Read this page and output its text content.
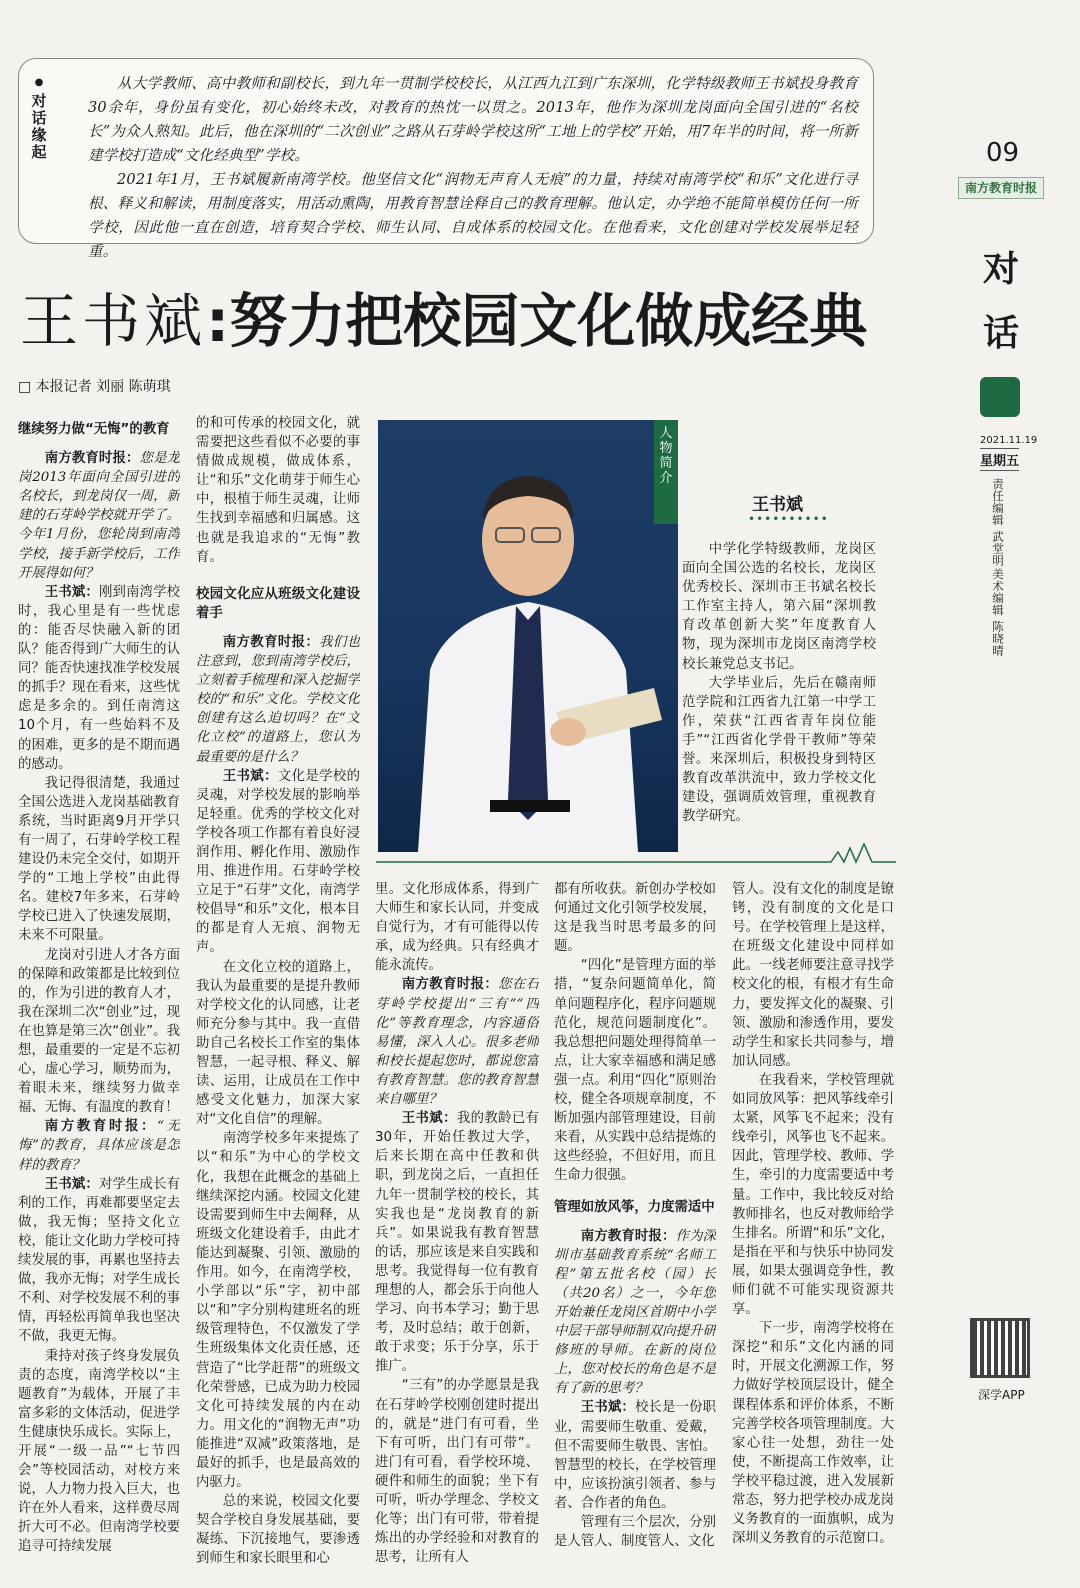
●
对话缘起

从大学教师、高中教师和副校长，到九年一贯制学校校长，从江西九江到广东深圳，化学特级教师王书斌投身教育30余年，身份虽有变化，初心始终未改，对教育的热忱一以贯之。2013年，他作为深圳龙岗面向全国引进的“名校长”为众人熟知。此后，他在深圳的“二次创业”之路从石芽岭学校这所“工地上的学校”开始，用7年半的时间，将一所新建学校打造成“文化经典型”学校。

2021年1月，王书斌履新南湾学校。他坚信文化“润物无声育人无痕”的力量，持续对南湾学校“和乐”文化进行寻根、释义和解读，用制度落实，用活动熏陶，用教育智慧诠释自己的教育理解。他认定，办学绝不能简单模仿任何一所学校，因此他一直在创造，培育契合学校、师生认同、自成体系的校园文化。在他看来，文化创建对学校发展举足轻重。

09
南方教育时报
对话
2021.11.19
星期五
责任编辑 武堂明
美术编辑 陈晓晴
深学APP
王书斌:努力把校园文化做成经典
□ 本报记者 刘丽 陈萌琪
人物简介
王书斌
••••••••••

中学化学特级教师，龙岗区面向全国公选的名校长，龙岗区优秀校长、深圳市王书斌名校长工作室主持人，第六届“深圳教育改革创新大奖”年度教育人物，现为深圳市龙岗区南湾学校校长兼党总支书记。

大学毕业后，先后在赣南师范学院和江西省九江第一中学工作，荣获“江西省青年岗位能手”“江西省化学骨干教师”等荣誉。来深圳后，积极投身到特区教育改革洪流中，致力学校文化建设，强调质效管理，重视教育教学研究。

继续努力做“无悔”的教育

南方教育时报：您是龙岗2013年面向全国引进的名校长，到龙岗仅一周，新建的石芽岭学校就开学了。今年1月份，您轮岗到南湾学校，接手新学校后，工作开展得如何？

王书斌：刚到南湾学校时，我心里是有一些忧虑的：能否尽快融入新的团队？能否得到广大师生的认同？能否快速找准学校发展的抓手？现在看来，这些忧虑是多余的。到任南湾这10个月，有一些始料不及的困难，更多的是不期而遇的感动。

我记得很清楚，我通过全国公选进入龙岗基础教育系统，当时距离9月开学只有一周了，石芽岭学校工程建设仍未完全交付，如期开学的“工地上学校”由此得名。建校7年多来，石芽岭学校已进入了快速发展期，未来不可限量。

龙岗对引进人才各方面的保障和政策都是比较到位的，作为引进的教育人才，我在深圳二次“创业”过，现在也算是第三次“创业”。我想，最重要的一定是不忘初心，虚心学习，顺势而为，着眼未来，继续努力做幸福、无悔、有温度的教育！

南方教育时报：“无悔”的教育，具体应该是怎样的教育？

王书斌：对学生成长有利的工作，再难都要坚定去做，我无悔；坚持文化立校，能让文化助力学校可持续发展的事，再累也坚持去做，我亦无悔；对学生成长不利、对学校发展不利的事情，再轻松再简单我也坚决不做，我更无悔。

秉持对孩子终身发展负责的态度，南湾学校以“主题教育”为载体，开展了丰富多彩的文体活动，促进学生健康快乐成长。实际上，开展“一级一品”“七节四会”等校园活动，对校方来说，人力物力投入巨大，也许在外人看来，这样费尽周折大可不必。但南湾学校要追寻可持续发展

的和可传承的校园文化，就需要把这些看似不必要的事情做成规模，做成体系，让“和乐”文化萌芽于师生心中，根植于师生灵魂，让师生找到幸福感和归属感。这也就是我追求的“无悔”教育。

校园文化应从班级文化建设着手

南方教育时报：我们也注意到，您到南湾学校后，立刻着手梳理和深入挖掘学校的“和乐”文化。学校文化创建有这么迫切吗？在“文化立校”的道路上，您认为最重要的是什么？

王书斌：文化是学校的灵魂，对学校发展的影响举足轻重。优秀的学校文化对学校各项工作都有着良好浸润作用、孵化作用、激励作用、推进作用。石芽岭学校立足于“石芽”文化，南湾学校倡导“和乐”文化，根本目的都是育人无痕、润物无声。

在文化立校的道路上，我认为最重要的是提升教师对学校文化的认同感，让老师充分参与其中。我一直借助自己名校长工作室的集体智慧，一起寻根、释义、解读、运用，让成员在工作中感受文化魅力，加深大家对“文化自信”的理解。

南湾学校多年来提炼了以“和乐”为中心的学校文化，我想在此概念的基础上继续深挖内涵。校园文化建设需要到师生中去阐释，从班级文化建设着手，由此才能达到凝聚、引领、激励的作用。如今，在南湾学校，小学部以“乐”字，初中部以“和”字分别构建班名的班级管理特色，不仅激发了学生班级集体文化责任感，还营造了“比学赶帮”的班级文化荣誉感，已成为助力校园文化可持续发展的内在动力。用文化的“润物无声”功能推进“双减”政策落地，是最好的抓手，也是最高效的内驱力。

总的来说，校园文化要契合学校自身发展基础，要凝练、下沉接地气，要渗透到师生和家长眼里和心

里。文化形成体系，得到广大师生和家长认同，并变成自觉行为，才有可能得以传承，成为经典。只有经典才能永流传。

南方教育时报：您在石芽岭学校提出“三有”“四化”等教育理念，内容通俗易懂，深入人心。很多老师和校长提起您时，都说您富有教育智慧。您的教育智慧来自哪里？

王书斌：我的教龄已有30年，开始任教过大学，后来长期在高中任教和供职，到龙岗之后，一直担任九年一贯制学校的校长，其实我也是“龙岗教育的新兵”。如果说我有教育智慧的话，那应该是来自实践和思考。我觉得每一位有教育理想的人，都会乐于向他人学习、向书本学习；勤于思考，及时总结；敢于创新，敢于求变；乐于分享，乐于推广。

“三有”的办学愿景是我在石芽岭学校刚创建时提出的，就是“进门有可看，坐下有可听，出门有可带”。进门有可看，看学校环境、硬件和师生的面貌；坐下有可听，听办学理念、学校文化等；出门有可带，带着提炼出的办学经验和对教育的思考，让所有人

都有所收获。新创办学校如何通过文化引领学校发展，这是我当时思考最多的问题。

“四化”是管理方面的举措，“复杂问题简单化，简单问题程序化，程序问题规范化，规范问题制度化”。我总想把问题处理得简单一点，让大家幸福感和满足感强一点。利用“四化”原则治校，健全各项规章制度，不断加强内部管理建设，目前来看，从实践中总结提炼的这些经验，不但好用，而且生命力很强。

管理如放风筝，力度需适中

南方教育时报：作为深圳市基础教育系统“名师工程”第五批名校（园）长（共20名）之一，今年您开始兼任龙岗区首期中小学中层干部导师制双向提升研修班的导师。在新的岗位上，您对校长的角色是不是有了新的思考？

王书斌：校长是一份职业，需要师生敬重、爱戴，但不需要师生敬畏、害怕。智慧型的校长，在学校管理中，应该扮演引领者、参与者、合作者的角色。

管理有三个层次，分别是人管人、制度管人、文化

管人。没有文化的制度是镣铐，没有制度的文化是口号。在学校管理上是这样，在班级文化建设中同样如此。一线老师要注意寻找学校文化的根，有根才有生命力，要发挥文化的凝聚、引领、激励和渗透作用，要发动学生和家长共同参与，增加认同感。

在我看来，学校管理就如同放风筝：把风筝线牵引太紧，风筝飞不起来；没有线牵引，风筝也飞不起来。因此，管理学校、教师、学生，牵引的力度需要适中考量。工作中，我比较反对给教师排名，也反对教师给学生排名。所谓“和乐”文化，是指在平和与快乐中协同发展，如果太强调竞争性，教师们就不可能实现资源共享。

下一步，南湾学校将在深挖“和乐”文化内涵的同时，开展文化溯源工作，努力做好学校顶层设计，健全课程体系和评价体系，不断完善学校各项管理制度。大家心往一处想，劲往一处使，不断提高工作效率，让学校平稳过渡，进入发展新常态，努力把学校办成龙岗义务教育的一面旗帜，成为深圳义务教育的示范窗口。
